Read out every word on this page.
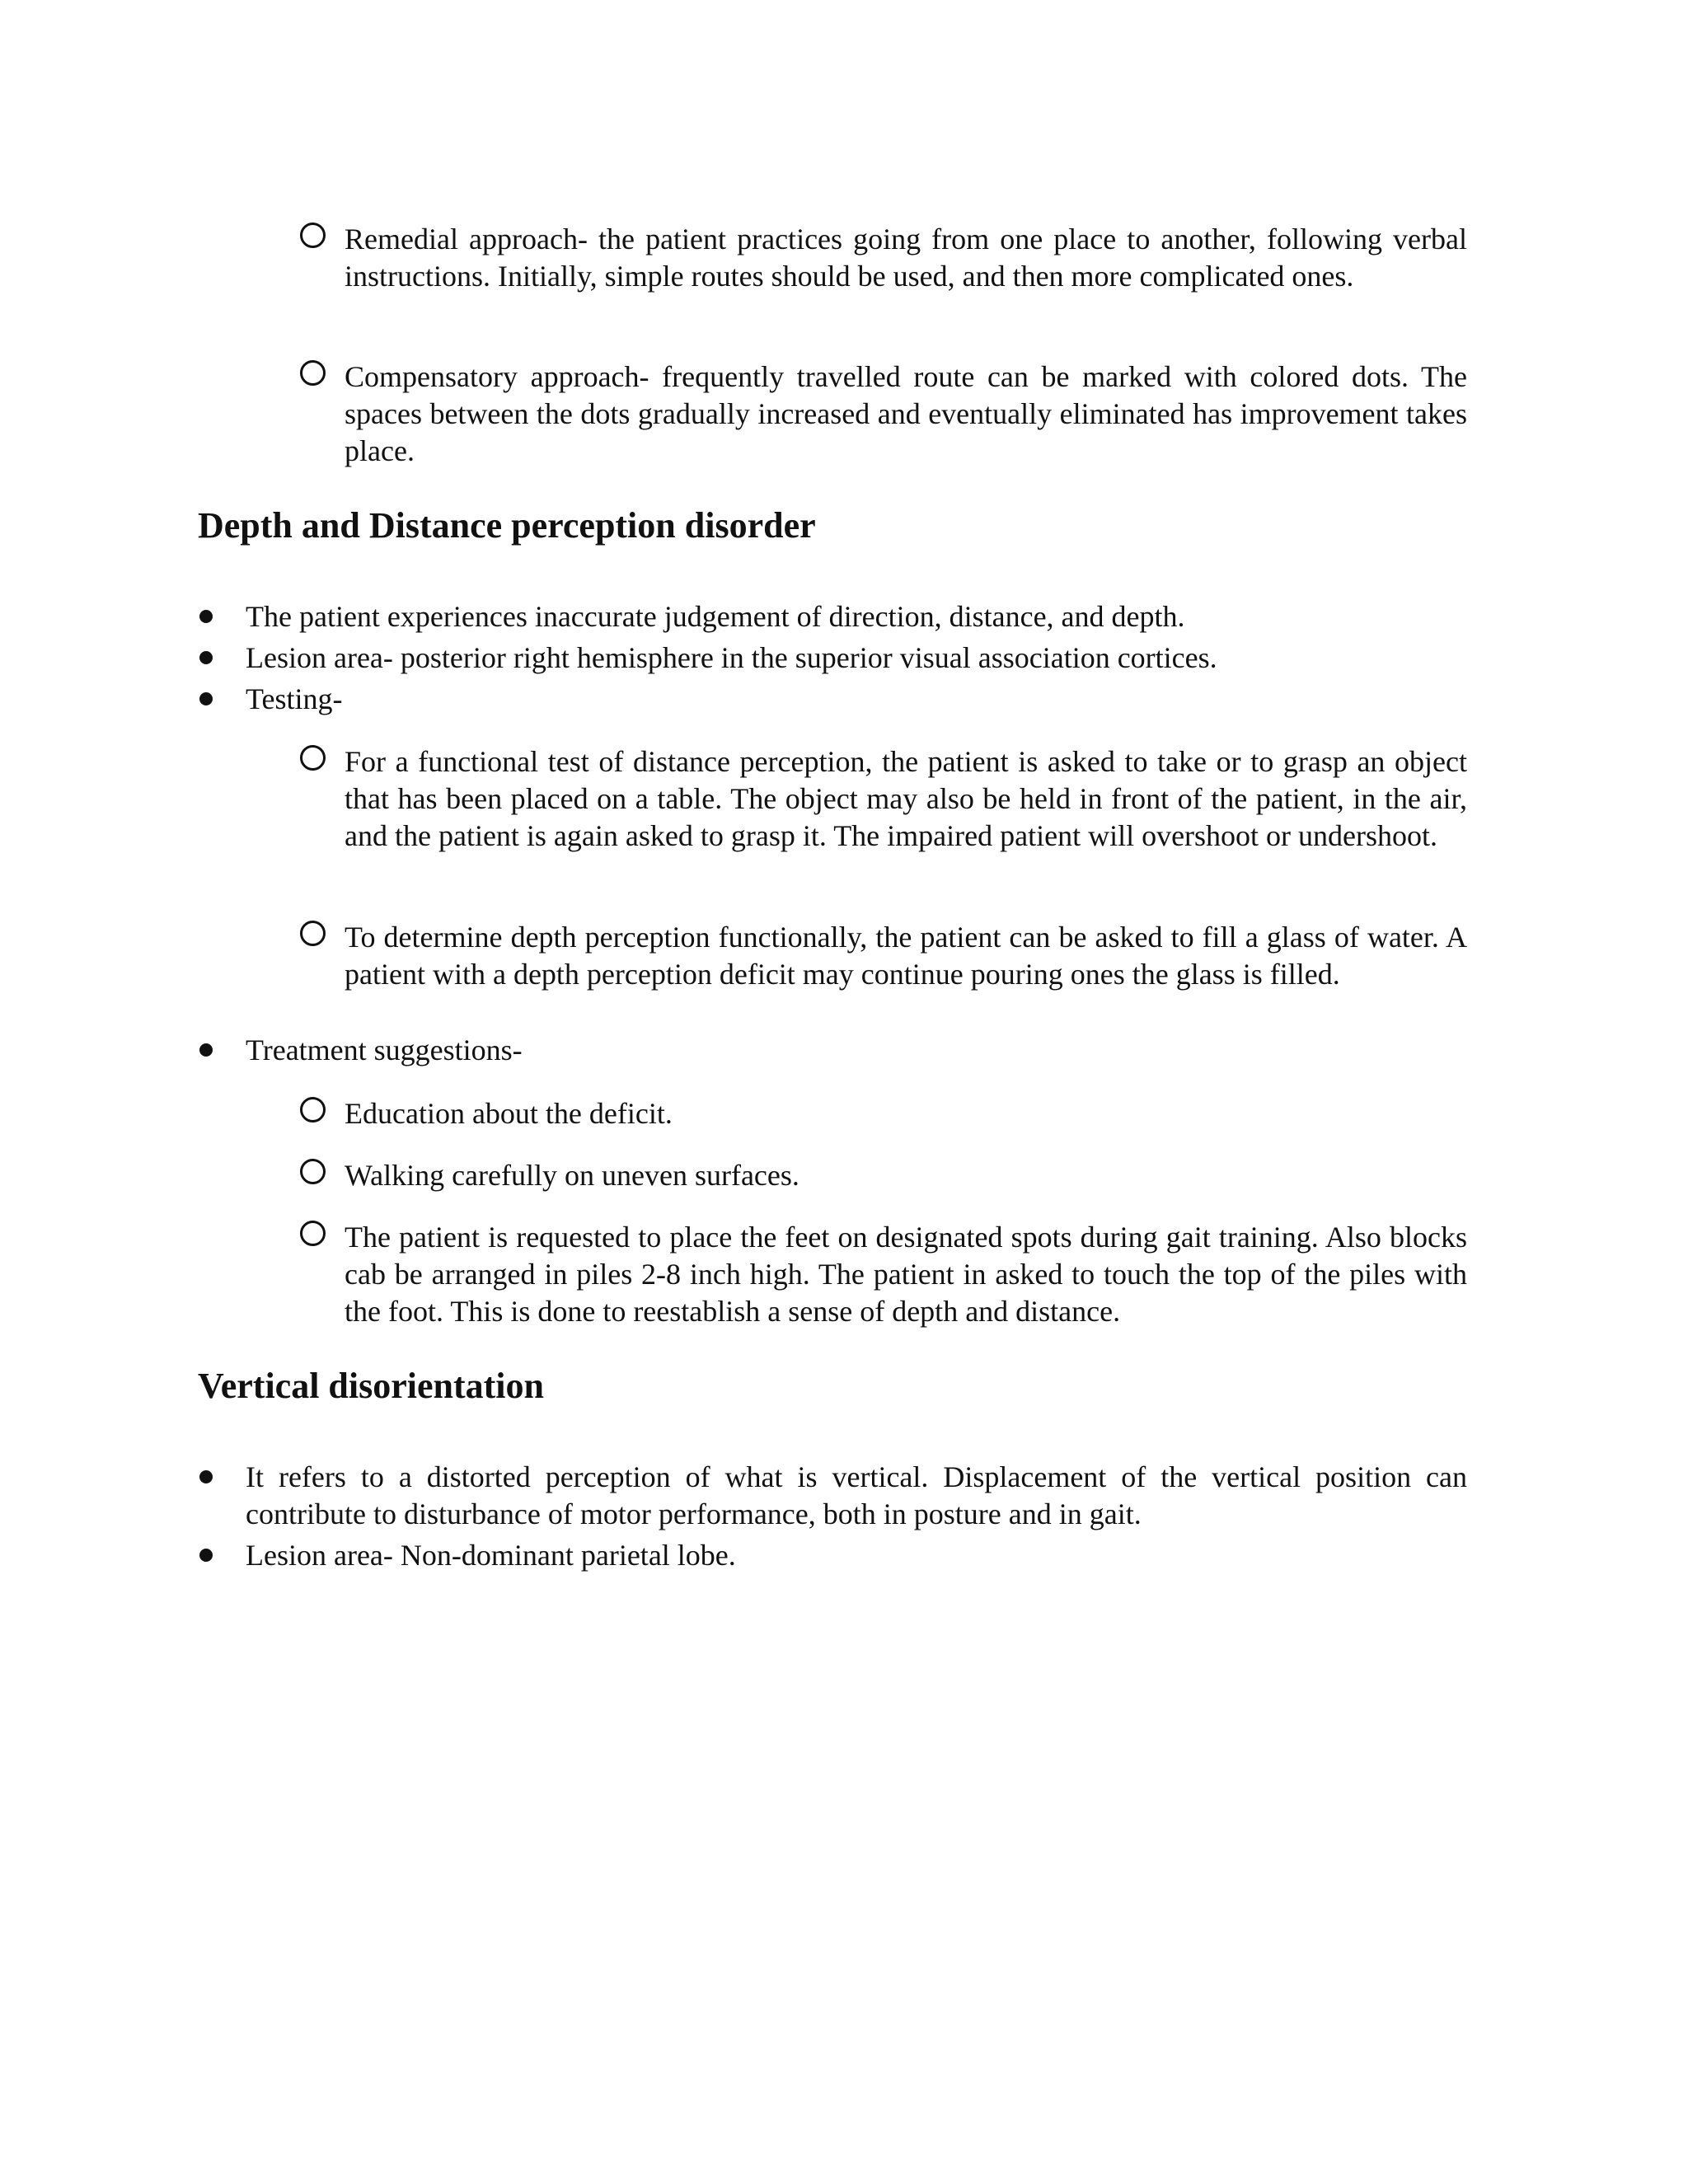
Remedial approach- the patient practices going from one place to another, following verbal instructions. Initially, simple routes should be used, and then more complicated ones.
Compensatory approach- frequently travelled route can be marked with colored dots. The spaces between the dots gradually increased and eventually eliminated has improvement takes place.
Depth and Distance perception disorder
The patient experiences inaccurate judgement of direction, distance, and depth.
Lesion area- posterior right hemisphere in the superior visual association cortices.
Testing-
For a functional test of distance perception, the patient is asked to take or to grasp an object that has been placed on a table. The object may also be held in front of the patient, in the air, and the patient is again asked to grasp it. The impaired patient will overshoot or undershoot.
To determine depth perception functionally, the patient can be asked to fill a glass of water. A patient with a depth perception deficit may continue pouring ones the glass is filled.
Treatment suggestions-
Education about the deficit.
Walking carefully on uneven surfaces.
The patient is requested to place the feet on designated spots during gait training. Also blocks cab be arranged in piles 2-8 inch high. The patient in asked to touch the top of the piles with the foot. This is done to reestablish a sense of depth and distance.
Vertical disorientation
It refers to a distorted perception of what is vertical. Displacement of the vertical position can contribute to disturbance of motor performance, both in posture and in gait.
Lesion area- Non-dominant parietal lobe.
